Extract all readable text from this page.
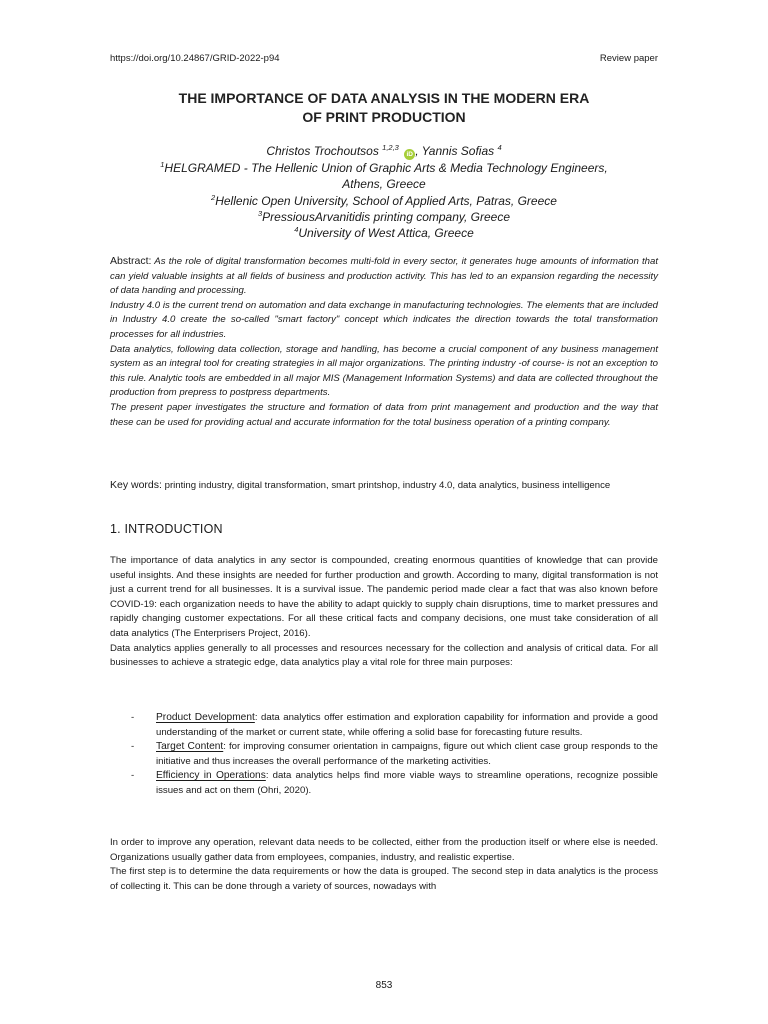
https://doi.org/10.24867/GRID-2022-p94	Review paper
THE IMPORTANCE OF DATA ANALYSIS IN THE MODERN ERA
OF PRINT PRODUCTION
Christos Trochoutsos $^{1,2,3}$ iD , Yannis Sofias $^4$
$^1$HELGRAMED - The Hellenic Union of Graphic Arts & Media Technology Engineers,
Athens, Greece
$^2$Hellenic Open University, School of Applied Arts, Patras, Greece
$^3$PressiousArvanitidis printing company, Greece
$^4$University of West Attica, Greece

Abstract: As the role of digital transformation becomes multi-fold in every sector, it generates huge amounts of information that can yield valuable insights at all fields of business and production activity. This has led to an expansion regarding the necessity of data handing and processing.

Industry 4.0 is the current trend on automation and data exchange in manufacturing technologies. The elements that are included in Industry 4.0 create the so-called "smart factory" concept which indicates the direction towards the total transformation processes for all industries.

Data analytics, following data collection, storage and handling, has become a crucial component of any business management system as an integral tool for creating strategies in all major organizations. The printing industry -of course- is not an exception to this rule. Analytic tools are embedded in all major MIS (Management Information Systems) and data are collected throughout the production from prepress to postpress departments.

The present paper investigates the structure and formation of data from print management and production and the way that these can be used for providing actual and accurate information for the total business operation of a printing company.

Key words: printing industry, digital transformation, smart printshop, industry 4.0, data analytics, business intelligence
1. INTRODUCTION

The importance of data analytics in any sector is compounded, creating enormous quantities of knowledge that can provide useful insights. And these insights are needed for further production and growth. According to many, digital transformation is not just a current trend for all businesses. It is a survival issue. The pandemic period made clear a fact that was also known before COVID-19: each organization needs to have the ability to adapt quickly to supply chain disruptions, time to market pressures and rapidly changing customer expectations. For all these critical facts and company decisions, one must take consideration of all data analytics (The Enterprisers Project, 2016).

Data analytics applies generally to all processes and resources necessary for the collection and analysis of critical data. For all businesses to achieve a strategic edge, data analytics play a vital role for three main purposes:

- Product Development: data analytics offer estimation and exploration capability for information and provide a good understanding of the market or current state, while offering a solid base for forecasting future results.
- Target Content: for improving consumer orientation in campaigns, figure out which client case group responds to the initiative and thus increases the overall performance of the marketing activities.
- Efficiency in Operations: data analytics helps find more viable ways to streamline operations, recognize possible issues and act on them (Ohri, 2020).

In order to improve any operation, relevant data needs to be collected, either from the production itself or where else is needed. Organizations usually gather data from employees, companies, industry, and realistic expertise.

The first step is to determine the data requirements or how the data is grouped. The second step in data analytics is the process of collecting it. This can be done through a variety of sources, nowadays with

853
